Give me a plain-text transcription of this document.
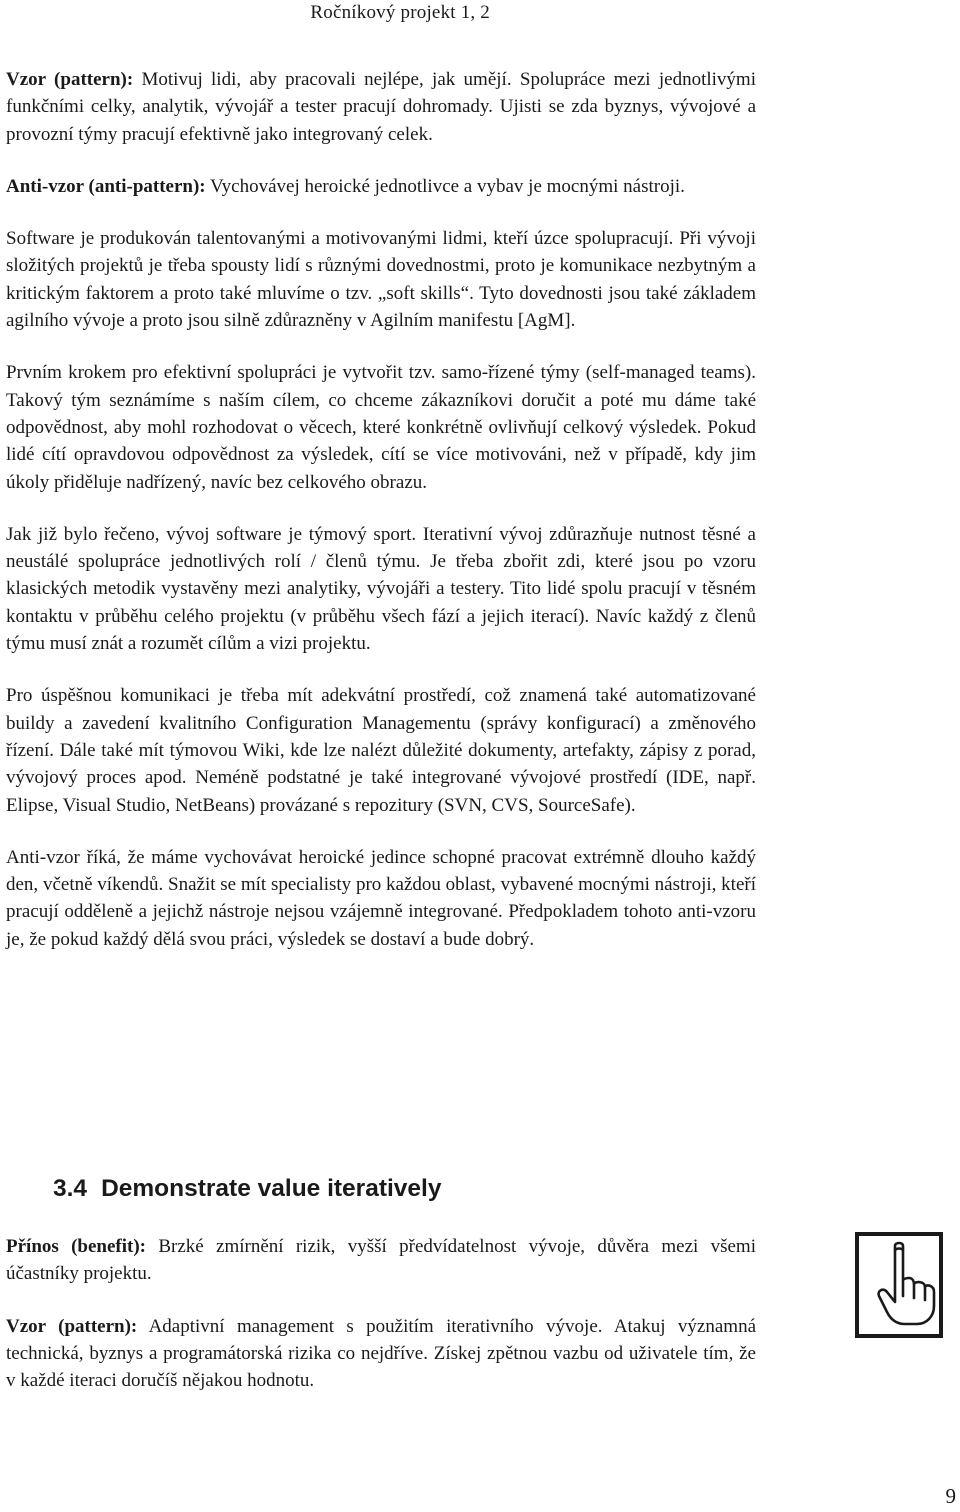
Ročníkový projekt 1, 2

Vzor (pattern): Motivuj lidi, aby pracovali nejlépe, jak umějí. Spolupráce mezi jednotlivými funkčními celky, analytik, vývojář a tester pracují dohromady. Ujisti se zda byznys, vývojové a provozní týmy pracují efektivně jako integrovaný celek.

Anti-vzor (anti-pattern): Vychovávej heroické jednotlivce a vybav je mocnými nástroji.

Software je produkován talentovanými a motivovanými lidmi, kteří úzce spolupracují. Při vývoji složitých projektů je třeba spousty lidí s různými dovednostmi, proto je komunikace nezbytným a kritickým faktorem a proto také mluvíme o tzv. „soft skills“. Tyto dovednosti jsou také základem agilního vývoje a proto jsou silně zdůrazněny v Agilním manifestu [AgM].

Prvním krokem pro efektivní spolupráci je vytvořit tzv. samo-řízené týmy (self-managed teams). Takový tým seznámíme s naším cílem, co chceme zákazníkovi doručit a poté mu dáme také odpovědnost, aby mohl rozhodovat o věcech, které konkrétně ovlivňují celkový výsledek. Pokud lidé cítí opravdovou odpovědnost za výsledek, cítí se více motivováni, než v případě, kdy jim úkoly přiděluje nadřízený, navíc bez celkového obrazu.

Jak již bylo řečeno, vývoj software je týmový sport. Iterativní vývoj zdůrazňuje nutnost těsné a neustálé spolupráce jednotlivých rolí / členů týmu. Je třeba zbořit zdi, které jsou po vzoru klasických metodik vystavěny mezi analytiky, vývojáři a testery. Tito lidé spolu pracují v těsném kontaktu v průběhu celého projektu (v průběhu všech fází a jejich iterací). Navíc každý z členů týmu musí znát a rozumět cílům a vizi projektu.

Pro úspěšnou komunikaci je třeba mít adekvátní prostředí, což znamená také automatizované buildy a zavedení kvalitního Configuration Managementu (správy konfigurací) a změnového řízení. Dále také mít týmovou Wiki, kde lze nalézt důležité dokumenty, artefakty, zápisy z porad, vývojový proces apod. Neméně podstatné je také integrované vývojové prostředí (IDE, např. Elipse, Visual Studio, NetBeans) provázané s repozitury (SVN, CVS, SourceSafe).

Anti-vzor říká, že máme vychovávat heroické jedince schopné pracovat extrémně dlouho každý den, včetně víkendů. Snažit se mít specialisty pro každou oblast, vybavené mocnými nástroji, kteří pracují odděleně a jejichž nástroje nejsou vzájemně integrované. Předpokladem tohoto anti-vzoru je, že pokud každý dělá svou práci, výsledek se dostaví a bude dobrý.

3.4 Demonstrate value iteratively

Přínos (benefit): Brzké zmírnění rizik, vyšší předvídatelnost vývoje, důvěra mezi všemi účastníky projektu.

Vzor (pattern): Adaptivní management s použitím iterativního vývoje. Atakuj významná technická, byznys a programátorská rizika co nejdříve. Získej zpětnou vazbu od uživatele tím, že v každé iteraci doručíš nějakou hodnotu.

9
